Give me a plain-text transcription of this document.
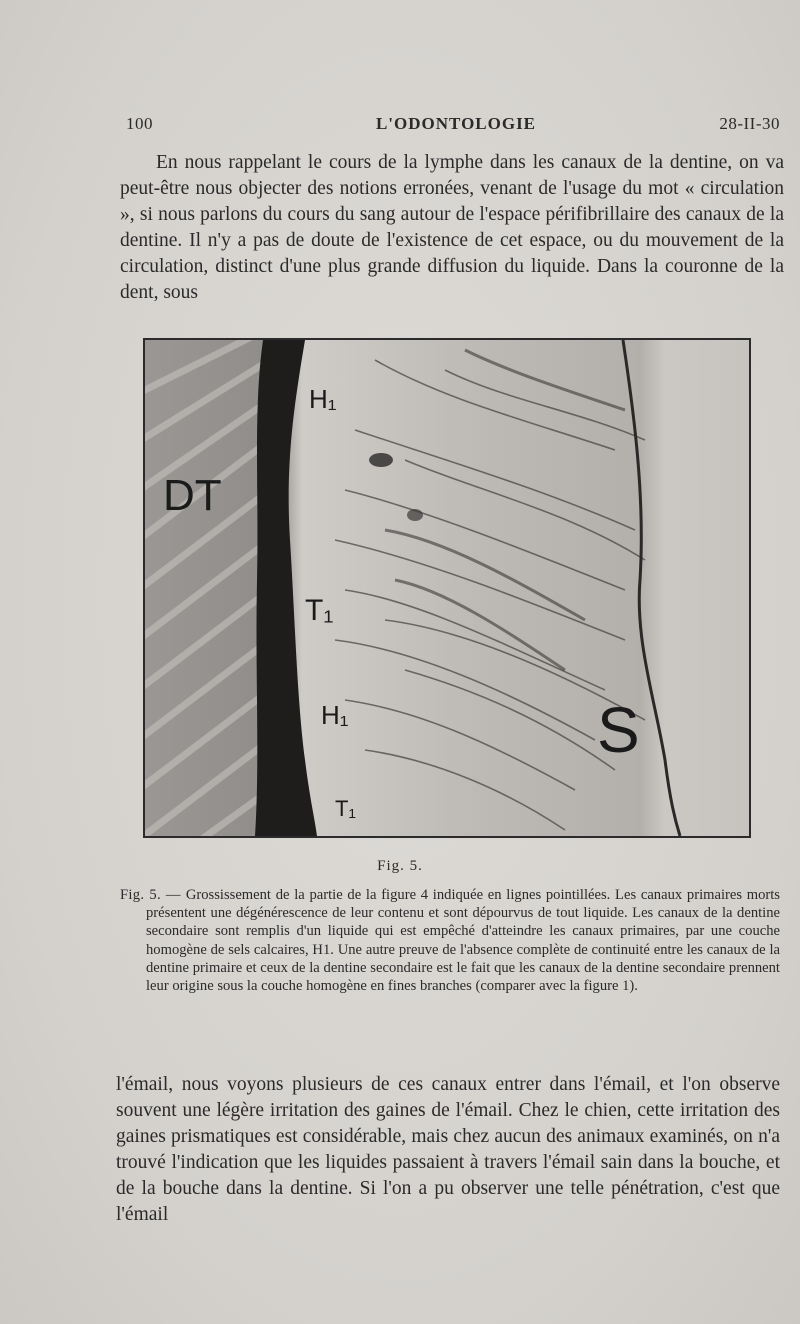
100	L'ODONTOLOGIE	28-II-30

En nous rappelant le cours de la lymphe dans les canaux de la dentine, on va peut-être nous objecter des notions erronées, venant de l'usage du mot « circulation », si nous parlons du cours du sang autour de l'espace périfibrillaire des canaux de la dentine. Il n'y a pas de doute de l'existence de cet espace, ou du mouvement de la circulation, distinct d'une plus grande diffusion du liquide. Dans la couronne de la dent, sous

DT
H₁
T₁
H₁
T₁
S
Fig. 5.

Fig. 5. — Grossissement de la partie de la figure 4 indiquée en lignes pointillées. Les canaux primaires morts présentent une dégénérescence de leur contenu et sont dépourvus de tout liquide. Les canaux de la dentine secondaire sont remplis d'un liquide qui est empêché d'atteindre les canaux primaires, par une couche homogène de sels calcaires, H1. Une autre preuve de l'absence complète de continuité entre les canaux de la dentine primaire et ceux de la dentine secondaire est le fait que les canaux de la dentine secondaire prennent leur origine sous la couche homogène en fines branches (comparer avec la figure 1).

l'émail, nous voyons plusieurs de ces canaux entrer dans l'émail, et l'on observe souvent une légère irritation des gaines de l'émail. Chez le chien, cette irritation des gaines prismatiques est considérable, mais chez aucun des animaux examinés, on n'a trouvé l'indication que les liquides passaient à travers l'émail sain dans la bouche, et de la bouche dans la dentine. Si l'on a pu observer une telle pénétration, c'est que l'émail
